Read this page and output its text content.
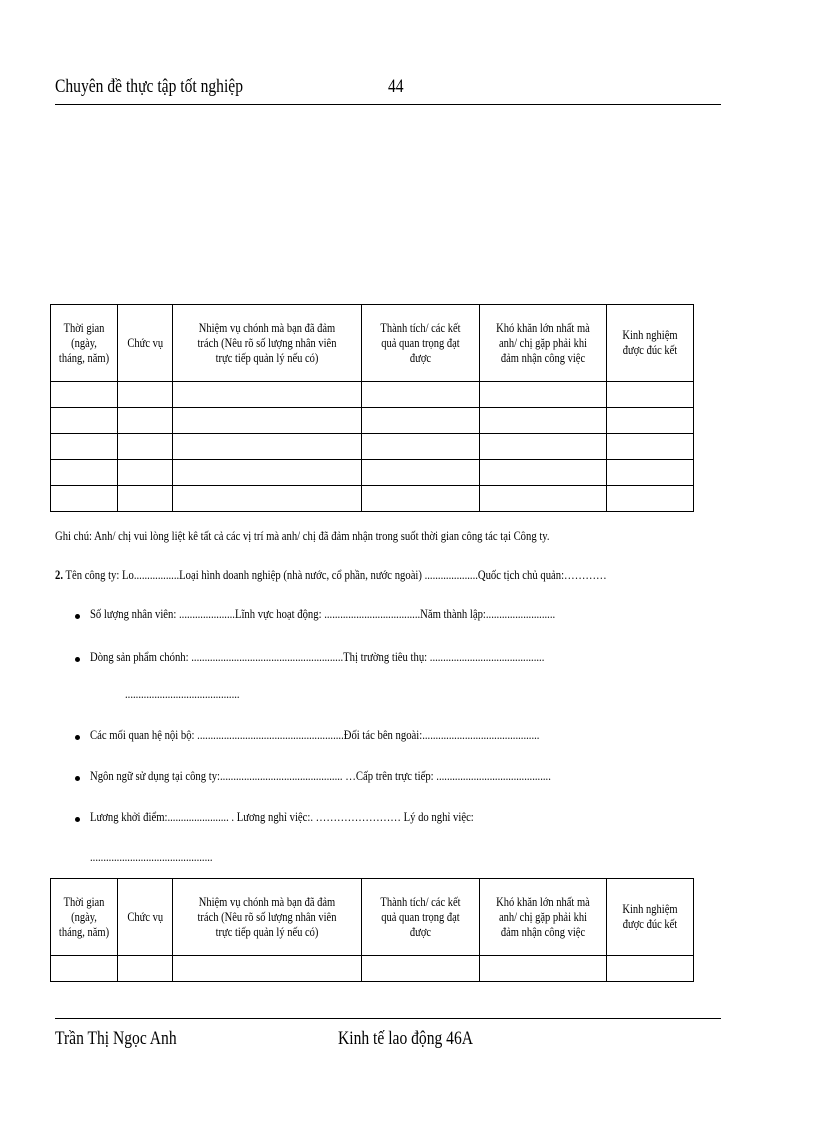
Chuyên đề thực tập tốt nghiệp	44
Thời gian (ngày, tháng, năm)	Chức vụ	Nhiệm vụ chónh mà bạn đã đảm trách (Nêu rõ số lượng nhân viên trực tiếp quản lý nếu có)	Thành tích/ các kết quả quan trọng đạt được	Khó khăn lớn nhất mà anh/ chị gặp phải khi đảm nhận công việc	Kinh nghiệm được đúc kết

Ghi chú: Anh/ chị vui lòng liệt kê tất cả các vị trí mà anh/ chị đã đảm nhận trong suốt thời gian công tác tại Công ty.
2. Tên công ty: Lo.................Loại hình doanh nghiệp (nhà nước, cổ phần, nước ngoài) ....................Quốc tịch chủ quản:…………
Số lượng nhân viên: .....................Lĩnh vực hoạt động: ....................................Năm thành lập:..........................
Dòng sản phẩm chónh: .........................................................Thị trường tiêu thụ: ...........................................
...........................................
Các mối quan hệ nội bộ: .......................................................Đối tác bên ngoài:............................................
Ngôn ngữ sử dụng tại công ty:.............................................. …Cấp trên trực tiếp: ...........................................
Lương khởi điểm:....................... . Lương nghỉ việc:. …………………… Lý do nghỉ việc:
..............................................
Thời gian (ngày, tháng, năm)	Chức vụ	Nhiệm vụ chónh mà bạn đã đảm trách (Nêu rõ số lượng nhân viên trực tiếp quản lý nếu có)	Thành tích/ các kết quả quan trọng đạt được	Khó khăn lớn nhất mà anh/ chị gặp phải khi đảm nhận công việc	Kinh nghiệm được đúc kết

Trần Thị Ngọc Anh	Kinh tế lao động 46A
